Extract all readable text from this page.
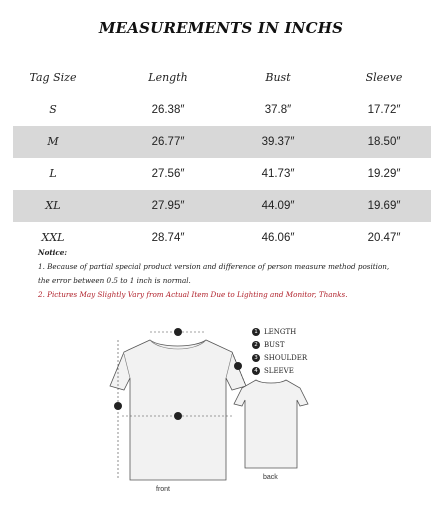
MEASUREMENTS IN INCHS
Tag Size	Length	Bust	Sleeve
S	26.38″	37.8″	17.72″
M	26.77″	39.37″	18.50″
L	27.56″	41.73″	19.29″
XL	27.95″	44.09″	19.69″
XXL	28.74″	46.06″	20.47″
Notice:
1. Because of partial special product version and difference of person measure method position,
the error between 0.5 to 1 inch is normal.
2. Pictures May Slightly Vary from Actual Item Due to Lighting and Monitor, Thanks.
front
back
1 LENGTH
2 BUST
3 SHOULDER
4 SLEEVE
